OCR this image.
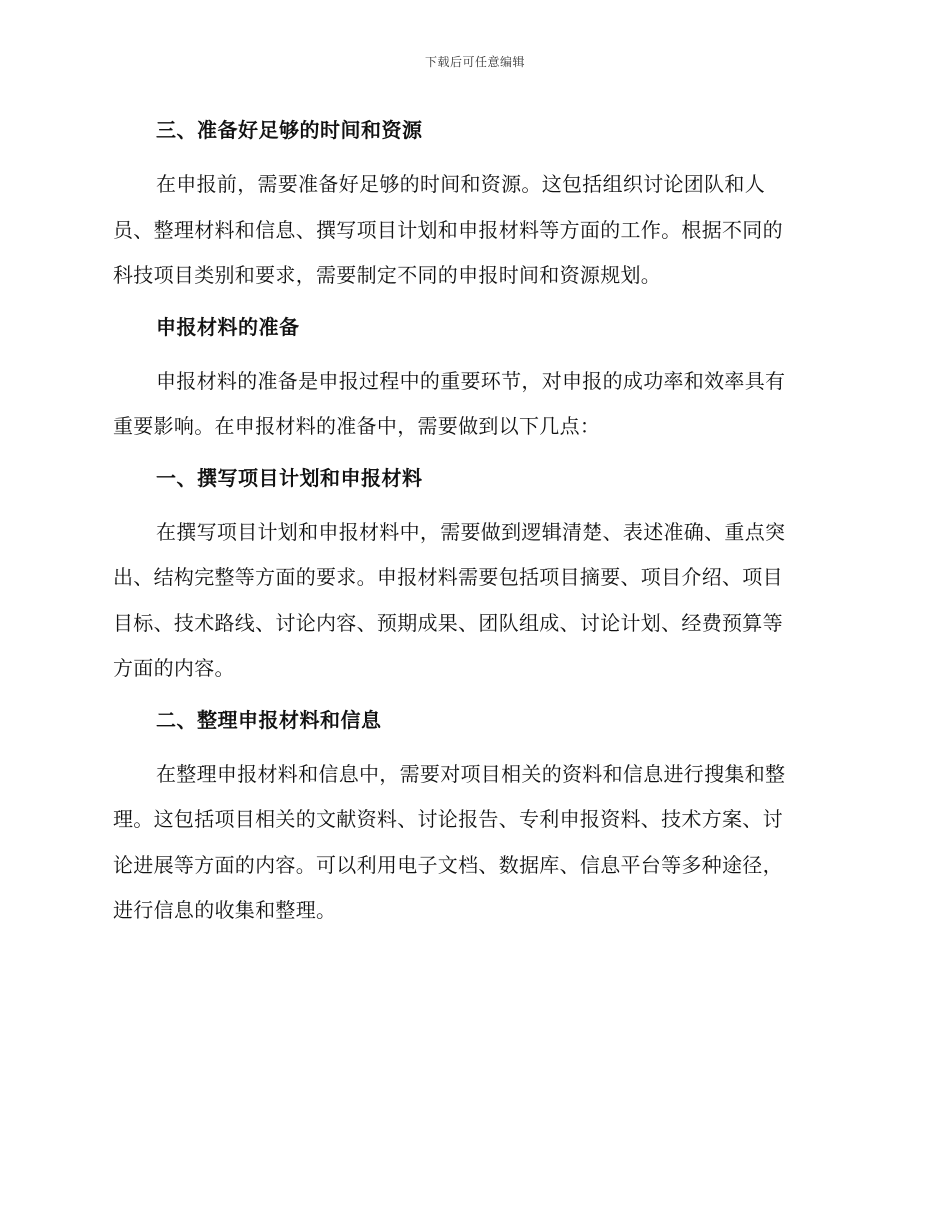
下载后可任意编辑
三、准备好足够的时间和资源
在申报前，需要准备好足够的时间和资源。这包括组织讨论团队和人
员、整理材料和信息、撰写项目计划和申报材料等方面的工作。根据不同的
科技项目类别和要求，需要制定不同的申报时间和资源规划。
申报材料的准备
申报材料的准备是申报过程中的重要环节，对申报的成功率和效率具有
重要影响。在申报材料的准备中，需要做到以下几点：
一、撰写项目计划和申报材料
在撰写项目计划和申报材料中，需要做到逻辑清楚、表述准确、重点突
出、结构完整等方面的要求。申报材料需要包括项目摘要、项目介绍、项目
目标、技术路线、讨论内容、预期成果、团队组成、讨论计划、经费预算等
方面的内容。
二、整理申报材料和信息
在整理申报材料和信息中，需要对项目相关的资料和信息进行搜集和整
理。这包括项目相关的文献资料、讨论报告、专利申报资料、技术方案、讨
论进展等方面的内容。可以利用电子文档、数据库、信息平台等多种途径，
进行信息的收集和整理。
